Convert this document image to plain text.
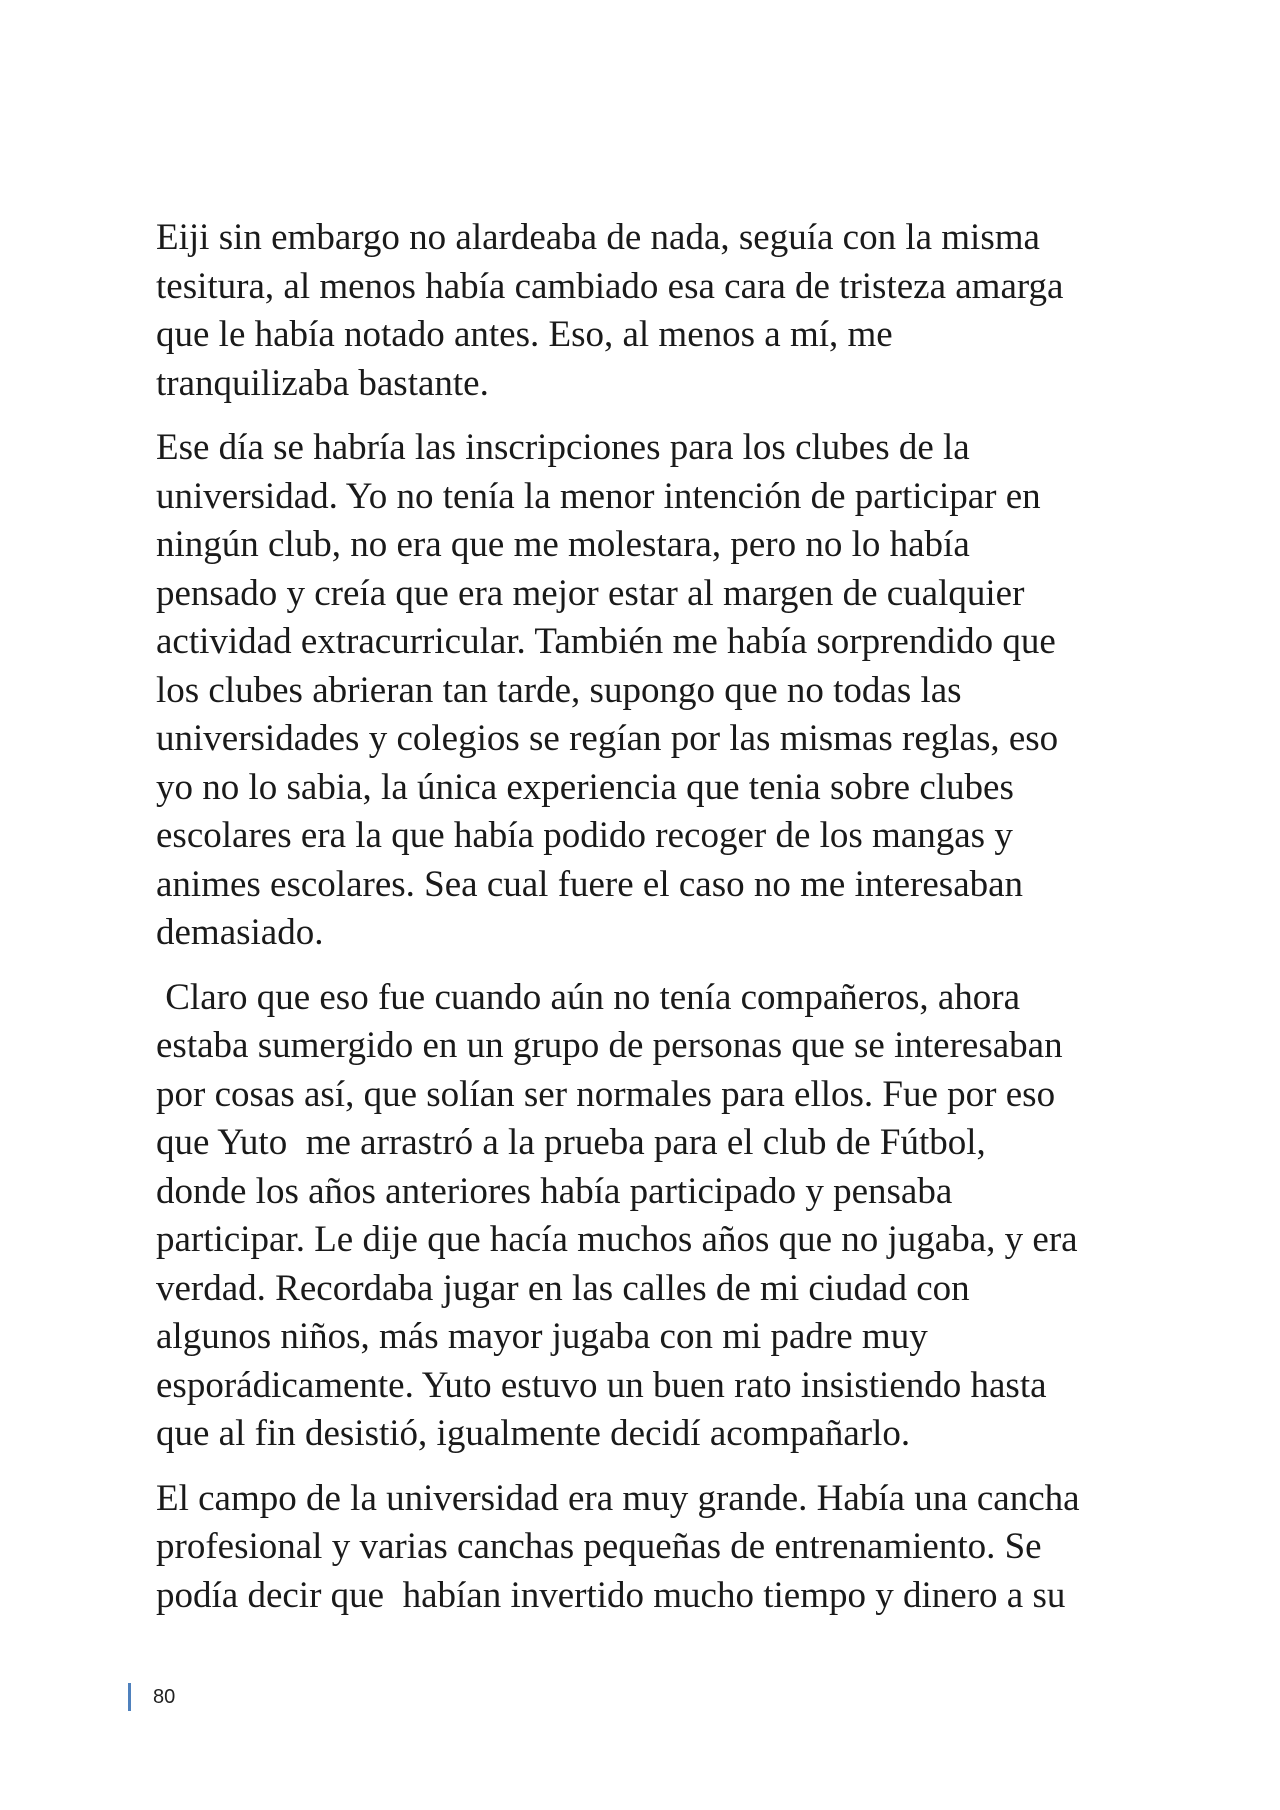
Eiji sin embargo no alardeaba de nada, seguía con la misma
tesitura, al menos había cambiado esa cara de tristeza amarga
que le había notado antes. Eso, al menos a mí, me
tranquilizaba bastante.

Ese día se habría las inscripciones para los clubes de la
universidad. Yo no tenía la menor intención de participar en
ningún club, no era que me molestara, pero no lo había
pensado y creía que era mejor estar al margen de cualquier
actividad extracurricular. También me había sorprendido que
los clubes abrieran tan tarde, supongo que no todas las
universidades y colegios se regían por las mismas reglas, eso
yo no lo sabia, la única experiencia que tenia sobre clubes
escolares era la que había podido recoger de los mangas y
animes escolares. Sea cual fuere el caso no me interesaban
demasiado.

Claro que eso fue cuando aún no tenía compañeros, ahora
estaba sumergido en un grupo de personas que se interesaban
por cosas así, que solían ser normales para ellos. Fue por eso
que Yuto  me arrastró a la prueba para el club de Fútbol,
donde los años anteriores había participado y pensaba
participar. Le dije que hacía muchos años que no jugaba, y era
verdad. Recordaba jugar en las calles de mi ciudad con
algunos niños, más mayor jugaba con mi padre muy
esporádicamente. Yuto estuvo un buen rato insistiendo hasta
que al fin desistió, igualmente decidí acompañarlo.

El campo de la universidad era muy grande. Había una cancha
profesional y varias canchas pequeñas de entrenamiento. Se
podía decir que  habían invertido mucho tiempo y dinero a su

80
